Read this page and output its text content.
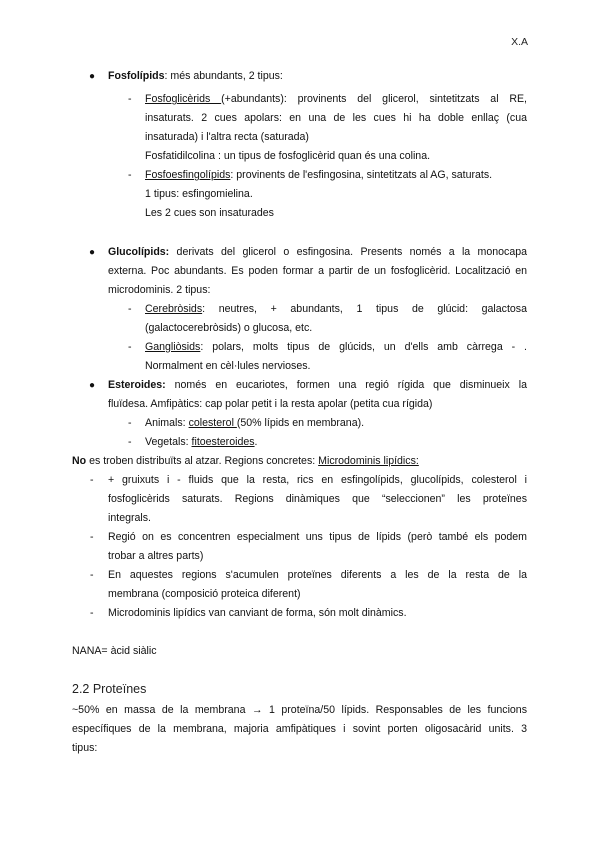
X.A
● Fosfolípids: més abundants, 2 tipus:
- Fosfoglicèrids (+abundants): provinents del glicerol, sintetitzats al RE,
insaturats. 2 cues apolars: en una de les cues hi ha doble enllaç (cua
insaturada) i l'altra recta (saturada)
Fosfatidilcolina : un tipus de fosfoglicèrid quan és una colina.
- Fosfoesfingolípids: provinents de l'esfingosina, sintetitzats al AG, saturats.
1 tipus: esfingomielina.
Les 2 cues son insaturades
● Glucolípids: derivats del glicerol o esfingosina. Presents només a la monocapa
externa. Poc abundants. Es poden formar a partir de un fosfoglicèrid. Localització en
microdominis. 2 tipus:
- Cerebròsids: neutres, + abundants, 1 tipus de glúcid: galactosa
(galactocerebròsids) o glucosa, etc.
- Gangliòsids: polars, molts tipus de glúcids, un d'ells amb càrrega - .
Normalment en cèl·lules nervioses.
● Esteroides: només en eucariotes, formen una regió rígida que disminueix la
fluïdesa. Amfipàtics: cap polar petit i la resta apolar (petita cua rígida)
- Animals: colesterol (50% lípids en membrana).
- Vegetals: fitoesteroides.
No es troben distribuïts al atzar. Regions concretes: Microdominis lipídics:
- + gruixuts i - fluids que la resta, rics en esfingolípids, glucolípids, colesterol i
fosfoglicèrids saturats. Regions dinàmiques que “seleccionen” les proteïnes
integrals.
- Regió on es concentren especialment uns tipus de lípids (però també els podem
trobar a altres parts)
- En aquestes regions s'acumulen proteïnes diferents a les de la resta de la
membrana (composició proteica diferent)
- Microdominis lipídics van canviant de forma, són molt dinàmics.
NANA= àcid siàlic
2.2 Proteïnes
~50% en massa de la membrana → 1 proteïna/50 lípids. Responsables de les funcions
específiques de la membrana, majoria amfipàtiques i sovint porten oligosacàrid units. 3
tipus:
